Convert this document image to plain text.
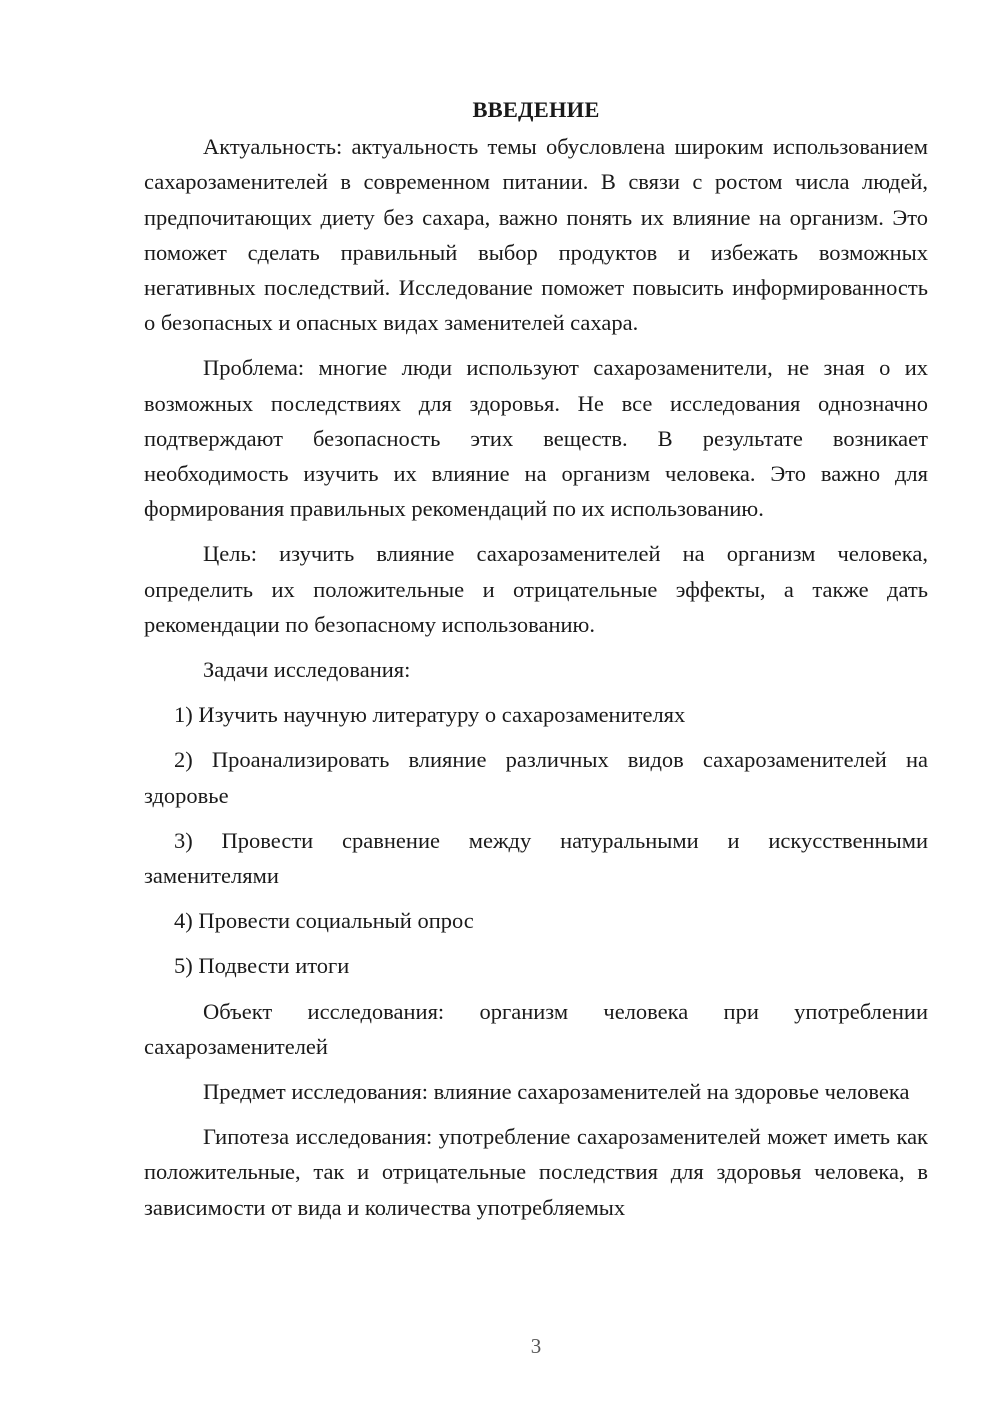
ВВЕДЕНИЕ

Актуальность: актуальность темы обусловлена широким использованием сахарозаменителей в современном питании. В связи с ростом числа людей, предпочитающих диету без сахара, важно понять их влияние на организм. Это поможет сделать правильный выбор продуктов и избежать возможных негативных последствий. Исследование поможет повысить информированность о безопасных и опасных видах заменителей сахара.

Проблема: многие люди используют сахарозаменители, не зная о их возможных последствиях для здоровья. Не все исследования однозначно подтверждают безопасность этих веществ. В результате возникает необходимость изучить их влияние на организм человека. Это важно для формирования правильных рекомендаций по их использованию.

Цель: изучить влияние сахарозаменителей на организм человека, определить их положительные и отрицательные эффекты, а также дать рекомендации по безопасному использованию.

Задачи исследования:

1) Изучить научную литературу о сахарозаменителях

2) Проанализировать влияние различных видов сахарозаменителей на здоровье

3) Провести сравнение между натуральными и искусственными заменителями

4) Провести социальный опрос

5) Подвести итоги

Объект исследования: организм человека при употреблении сахарозаменителей

Предмет исследования: влияние сахарозаменителей на здоровье человека

Гипотеза исследования: употребление сахарозаменителей может иметь как положительные, так и отрицательные последствия для здоровья человека, в зависимости от вида и количества употребляемых

3
